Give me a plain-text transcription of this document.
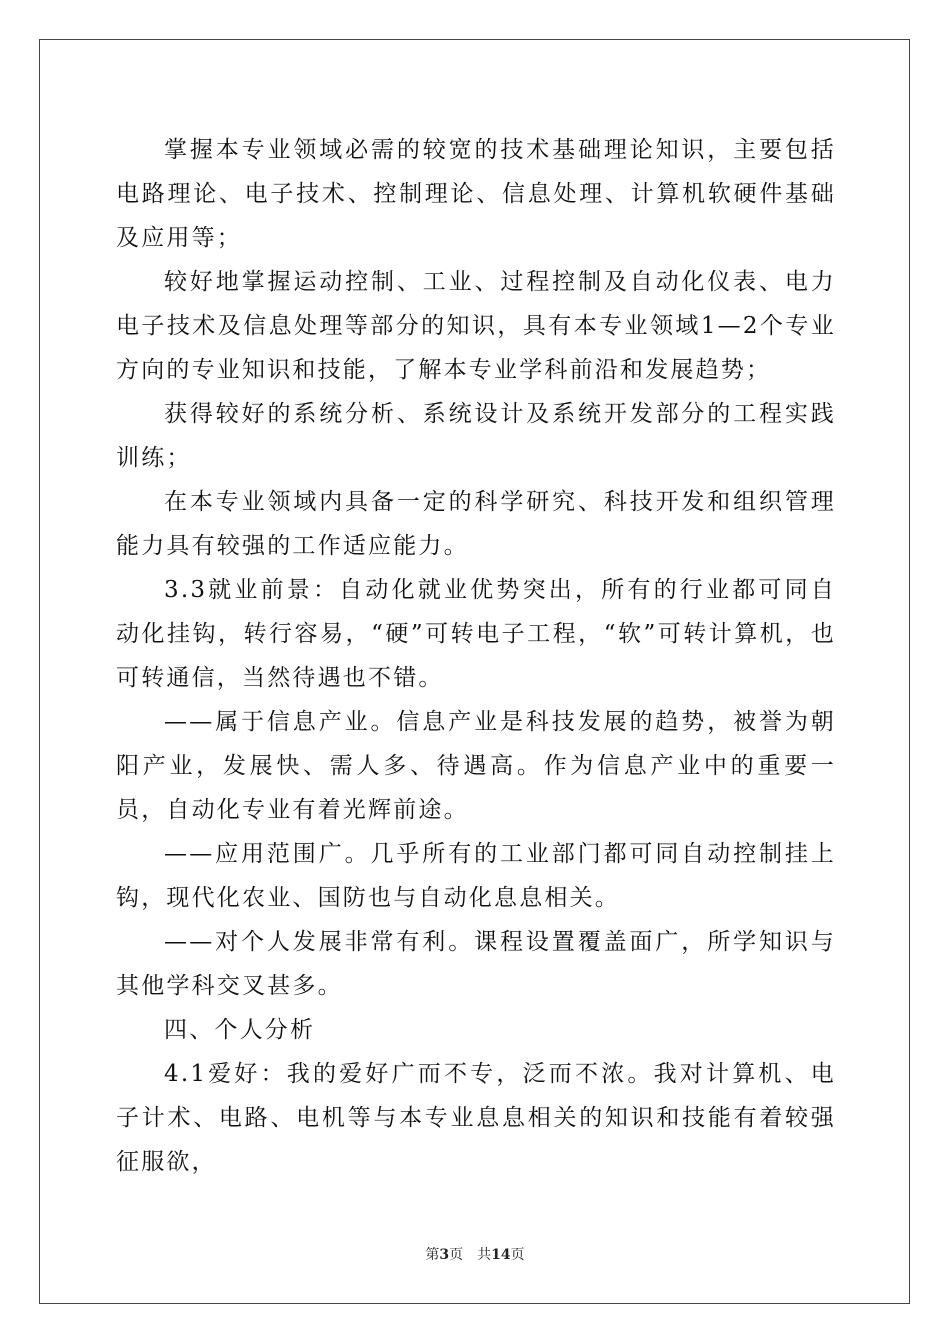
掌握本专业领域必需的较宽的技术基础理论知识，主要包括电路理论、电子技术、控制理论、信息处理、计算机软硬件基础及应用等；

较好地掌握运动控制、工业、过程控制及自动化仪表、电力电子技术及信息处理等部分的知识，具有本专业领域1—2个专业方向的专业知识和技能，了解本专业学科前沿和发展趋势；

获得较好的系统分析、系统设计及系统开发部分的工程实践训练；

在本专业领域内具备一定的科学研究、科技开发和组织管理能力具有较强的工作适应能力。

3.3就业前景：自动化就业优势突出，所有的行业都可同自动化挂钩，转行容易，“硬”可转电子工程，“软”可转计算机，也可转通信，当然待遇也不错。

——属于信息产业。信息产业是科技发展的趋势，被誉为朝阳产业，发展快、需人多、待遇高。作为信息产业中的重要一员，自动化专业有着光辉前途。

——应用范围广。几乎所有的工业部门都可同自动控制挂上钩，现代化农业、国防也与自动化息息相关。

——对个人发展非常有利。课程设置覆盖面广，所学知识与其他学科交叉甚多。

四、个人分析

4.1爱好：我的爱好广而不专，泛而不浓。我对计算机、电子计术、电路、电机等与本专业息息相关的知识和技能有着较强征服欲，

第3页 共14页
